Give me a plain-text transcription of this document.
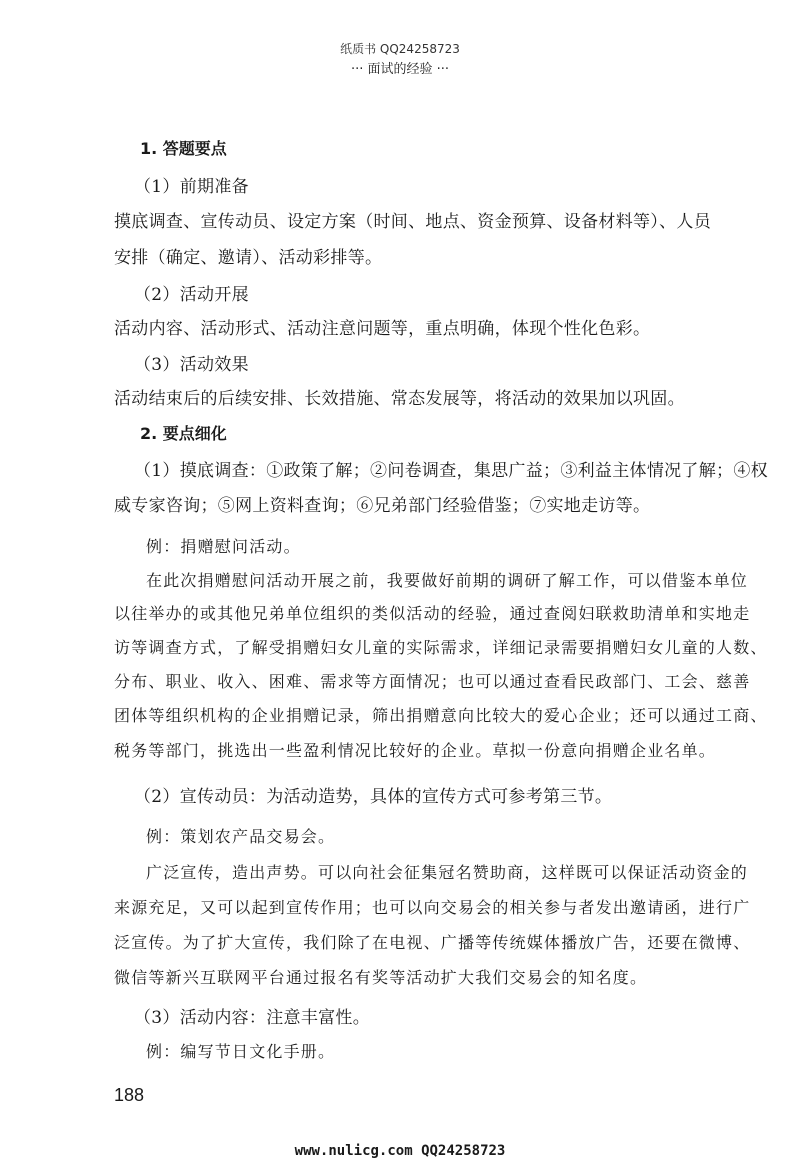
纸质书 QQ24258723
··· 面试的经验 ···
1. 答题要点
（1）前期准备
摸底调查、宣传动员、设定方案（时间、地点、资金预算、设备材料等）、人员
安排（确定、邀请）、活动彩排等。
（2）活动开展
活动内容、活动形式、活动注意问题等，重点明确，体现个性化色彩。
（3）活动效果
活动结束后的后续安排、长效措施、常态发展等，将活动的效果加以巩固。
2. 要点细化
（1）摸底调查：①政策了解；②问卷调查，集思广益；③利益主体情况了解；④权
威专家咨询；⑤网上资料查询；⑥兄弟部门经验借鉴；⑦实地走访等。
例：捐赠慰问活动。
在此次捐赠慰问活动开展之前，我要做好前期的调研了解工作，可以借鉴本单位
以往举办的或其他兄弟单位组织的类似活动的经验，通过查阅妇联救助清单和实地走
访等调查方式，了解受捐赠妇女儿童的实际需求，详细记录需要捐赠妇女儿童的人数、
分布、职业、收入、困难、需求等方面情况；也可以通过查看民政部门、工会、慈善
团体等组织机构的企业捐赠记录，筛出捐赠意向比较大的爱心企业；还可以通过工商、
税务等部门，挑选出一些盈利情况比较好的企业。草拟一份意向捐赠企业名单。
（2）宣传动员：为活动造势，具体的宣传方式可参考第三节。
例：策划农产品交易会。
广泛宣传，造出声势。可以向社会征集冠名赞助商，这样既可以保证活动资金的
来源充足，又可以起到宣传作用；也可以向交易会的相关参与者发出邀请函，进行广
泛宣传。为了扩大宣传，我们除了在电视、广播等传统媒体播放广告，还要在微博、
微信等新兴互联网平台通过报名有奖等活动扩大我们交易会的知名度。
（3）活动内容：注意丰富性。
例：编写节日文化手册。
188
www.nulicg.com QQ24258723
